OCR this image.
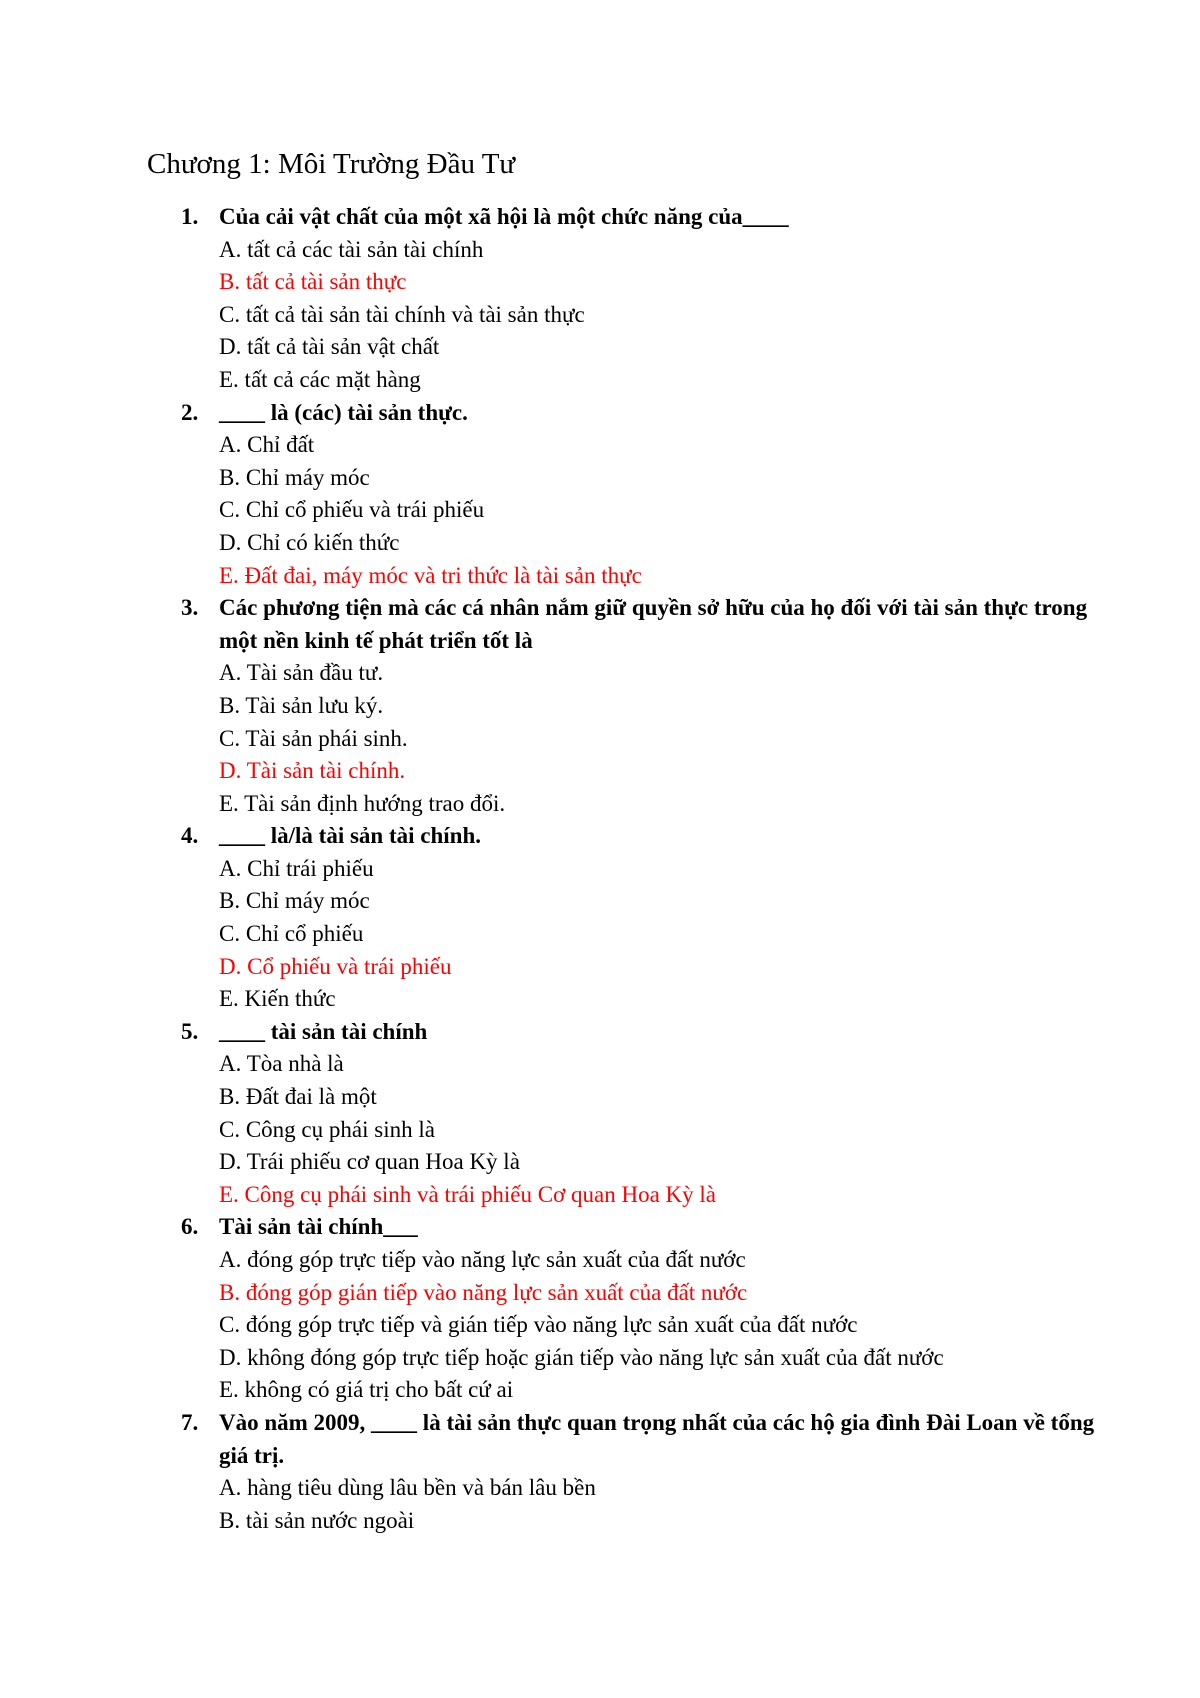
Chương 1: Môi Trường Đầu Tư
1. Của cải vật chất của một xã hội là một chức năng của____
A. tất cả các tài sản tài chính
B. tất cả tài sản thực
C. tất cả tài sản tài chính và tài sản thực
D. tất cả tài sản vật chất
E. tất cả các mặt hàng
2. ____ là (các) tài sản thực.
A. Chỉ đất
B. Chỉ máy móc
C. Chỉ cổ phiếu và trái phiếu
D. Chỉ có kiến thức
E. Đất đai, máy móc và tri thức là tài sản thực
3. Các phương tiện mà các cá nhân nắm giữ quyền sở hữu của họ đối với tài sản thực trong một nền kinh tế phát triển tốt là
A. Tài sản đầu tư.
B. Tài sản lưu ký.
C. Tài sản phái sinh.
D. Tài sản tài chính.
E. Tài sản định hướng trao đổi.
4. ____ là/là tài sản tài chính.
A. Chỉ trái phiếu
B. Chỉ máy móc
C. Chỉ cổ phiếu
D. Cổ phiếu và trái phiếu
E. Kiến thức
5. ____ tài sản tài chính
A. Tòa nhà là
B. Đất đai là một
C. Công cụ phái sinh là
D. Trái phiếu cơ quan Hoa Kỳ là
E. Công cụ phái sinh và trái phiếu Cơ quan Hoa Kỳ là
6. Tài sản tài chính___
A. đóng góp trực tiếp vào năng lực sản xuất của đất nước
B. đóng góp gián tiếp vào năng lực sản xuất của đất nước
C. đóng góp trực tiếp và gián tiếp vào năng lực sản xuất của đất nước
D. không đóng góp trực tiếp hoặc gián tiếp vào năng lực sản xuất của đất nước
E. không có giá trị cho bất cứ ai
7. Vào năm 2009, ____ là tài sản thực quan trọng nhất của các hộ gia đình Đài Loan về tổng giá trị.
A. hàng tiêu dùng lâu bền và bán lâu bền
B. tài sản nước ngoài
